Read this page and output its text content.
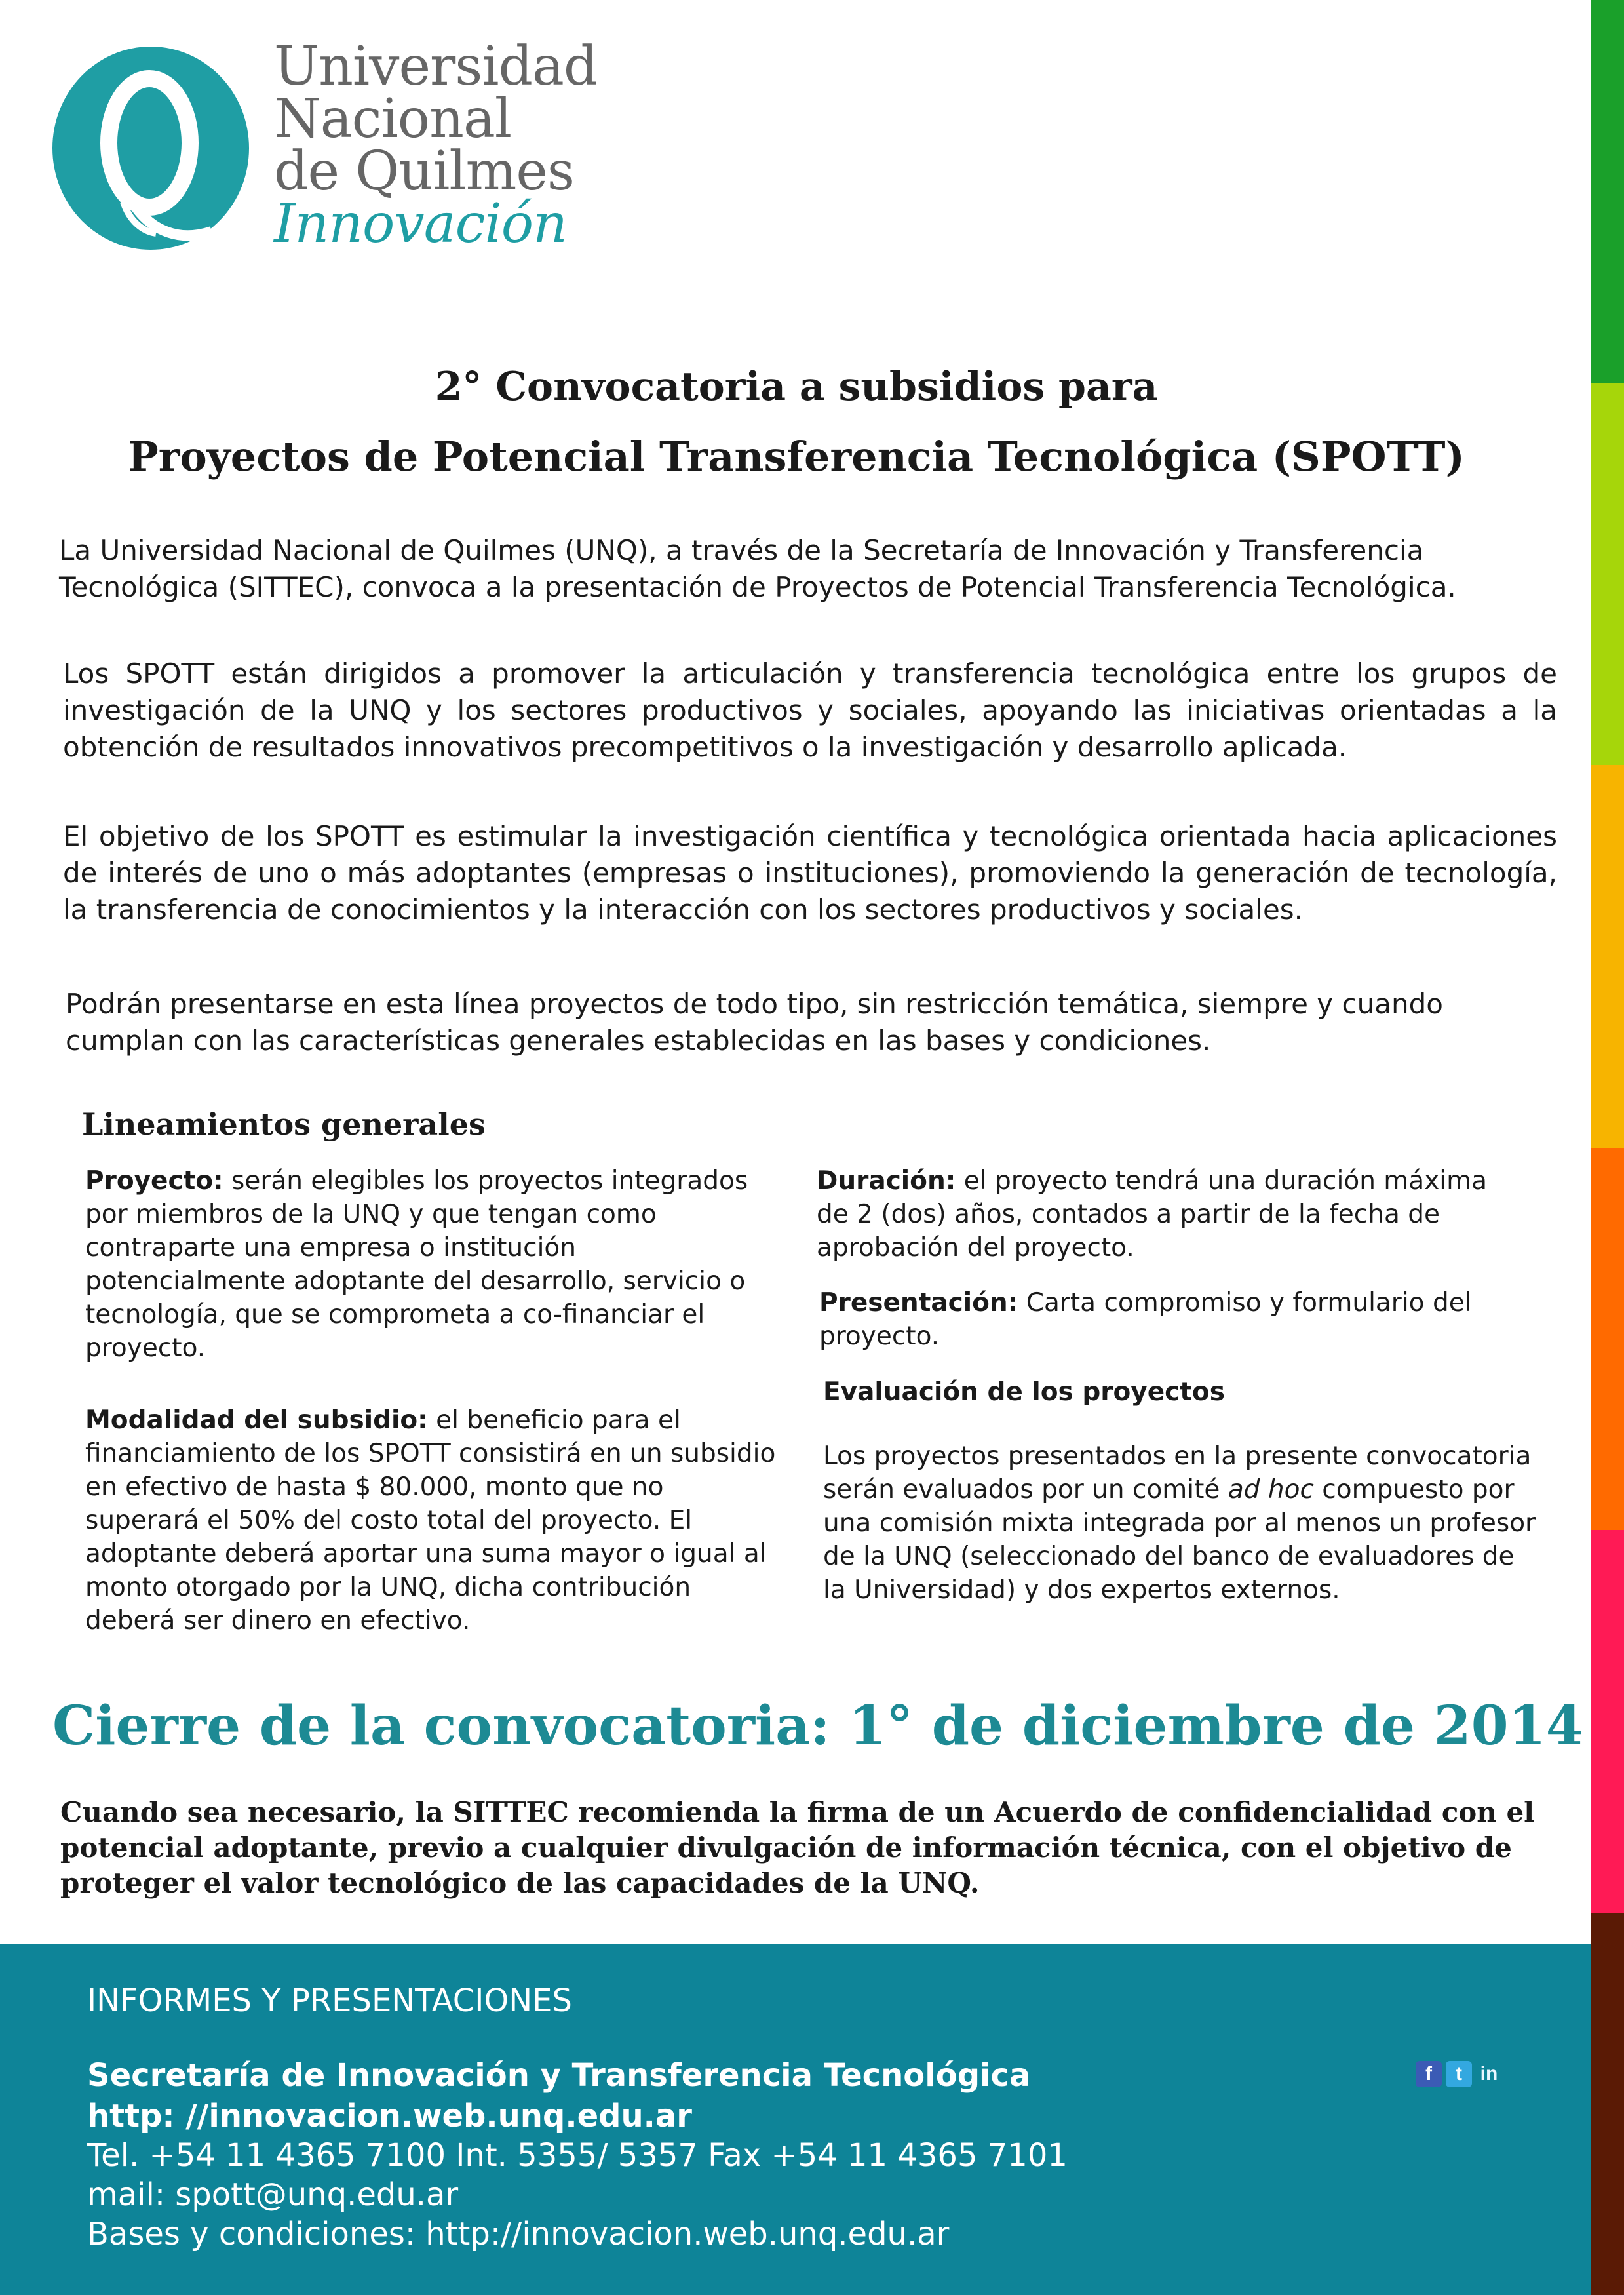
Universidad
Nacional
de Quilmes
Innovación
2° Convocatoria a subsidios para
Proyectos de Potencial Transferencia Tecnológica (SPOTT)
La Universidad Nacional de Quilmes (UNQ), a través de la Secretaría de Innovación y Transferencia Tecnológica (SITTEC), convoca a la presentación de Proyectos de Potencial Transferencia Tecnológica.
Los SPOTT están dirigidos a promover la articulación y transferencia tecnológica entre los grupos de investigación de la UNQ y los sectores productivos y sociales, apoyando las iniciativas orientadas a la obtención de resultados innovativos precompetitivos o la investigación y desarrollo aplicada.
El objetivo de los SPOTT es estimular la investigación científica y tecnológica orientada hacia aplicaciones de interés de uno o más adoptantes (empresas o instituciones), promoviendo la generación de tecnología, la transferencia de conocimientos y la interacción con los sectores productivos y sociales.
Podrán presentarse en esta línea proyectos de todo tipo, sin restricción temática, siempre y cuando cumplan con las características generales establecidas en las bases y condiciones.
Lineamientos generales
Proyecto: serán elegibles los proyectos integrados por miembros de la UNQ y que tengan como contraparte una empresa o institución potencialmente adoptante del desarrollo, servicio o tecnología, que se comprometa a co-financiar el proyecto.
Modalidad del subsidio: el beneficio para el financiamiento de los SPOTT consistirá en un subsidio en efectivo de hasta $ 80.000, monto que no superará el 50% del costo total del proyecto. El adoptante deberá aportar una suma mayor o igual al monto otorgado por la UNQ, dicha contribución deberá ser dinero en efectivo.
Duración: el proyecto tendrá una duración máxima de 2 (dos) años, contados a partir de la fecha de aprobación del proyecto.
Presentación: Carta compromiso y formulario del proyecto.
Evaluación de los proyectos
Los proyectos presentados en la presente convocatoria serán evaluados por un comité ad hoc compuesto por una comisión mixta integrada por al menos un profesor de la UNQ (seleccionado del banco de evaluadores de la Universidad) y dos expertos externos.
Cierre de la convocatoria: 1° de diciembre de 2014
Cuando sea necesario, la SITTEC recomienda la firma de un Acuerdo de confidencialidad con el potencial adoptante, previo a cualquier divulgación de información técnica, con el objetivo de proteger el valor tecnológico de las capacidades de la UNQ.
INFORMES Y PRESENTACIONES
Secretaría de Innovación y Transferencia Tecnológica
http: //innovacion.web.unq.edu.ar
Tel. +54 11 4365 7100 Int. 5355/ 5357 Fax +54 11 4365 7101
mail: spott@unq.edu.ar
Bases y condiciones: http://innovacion.web.unq.edu.ar
f	t in
